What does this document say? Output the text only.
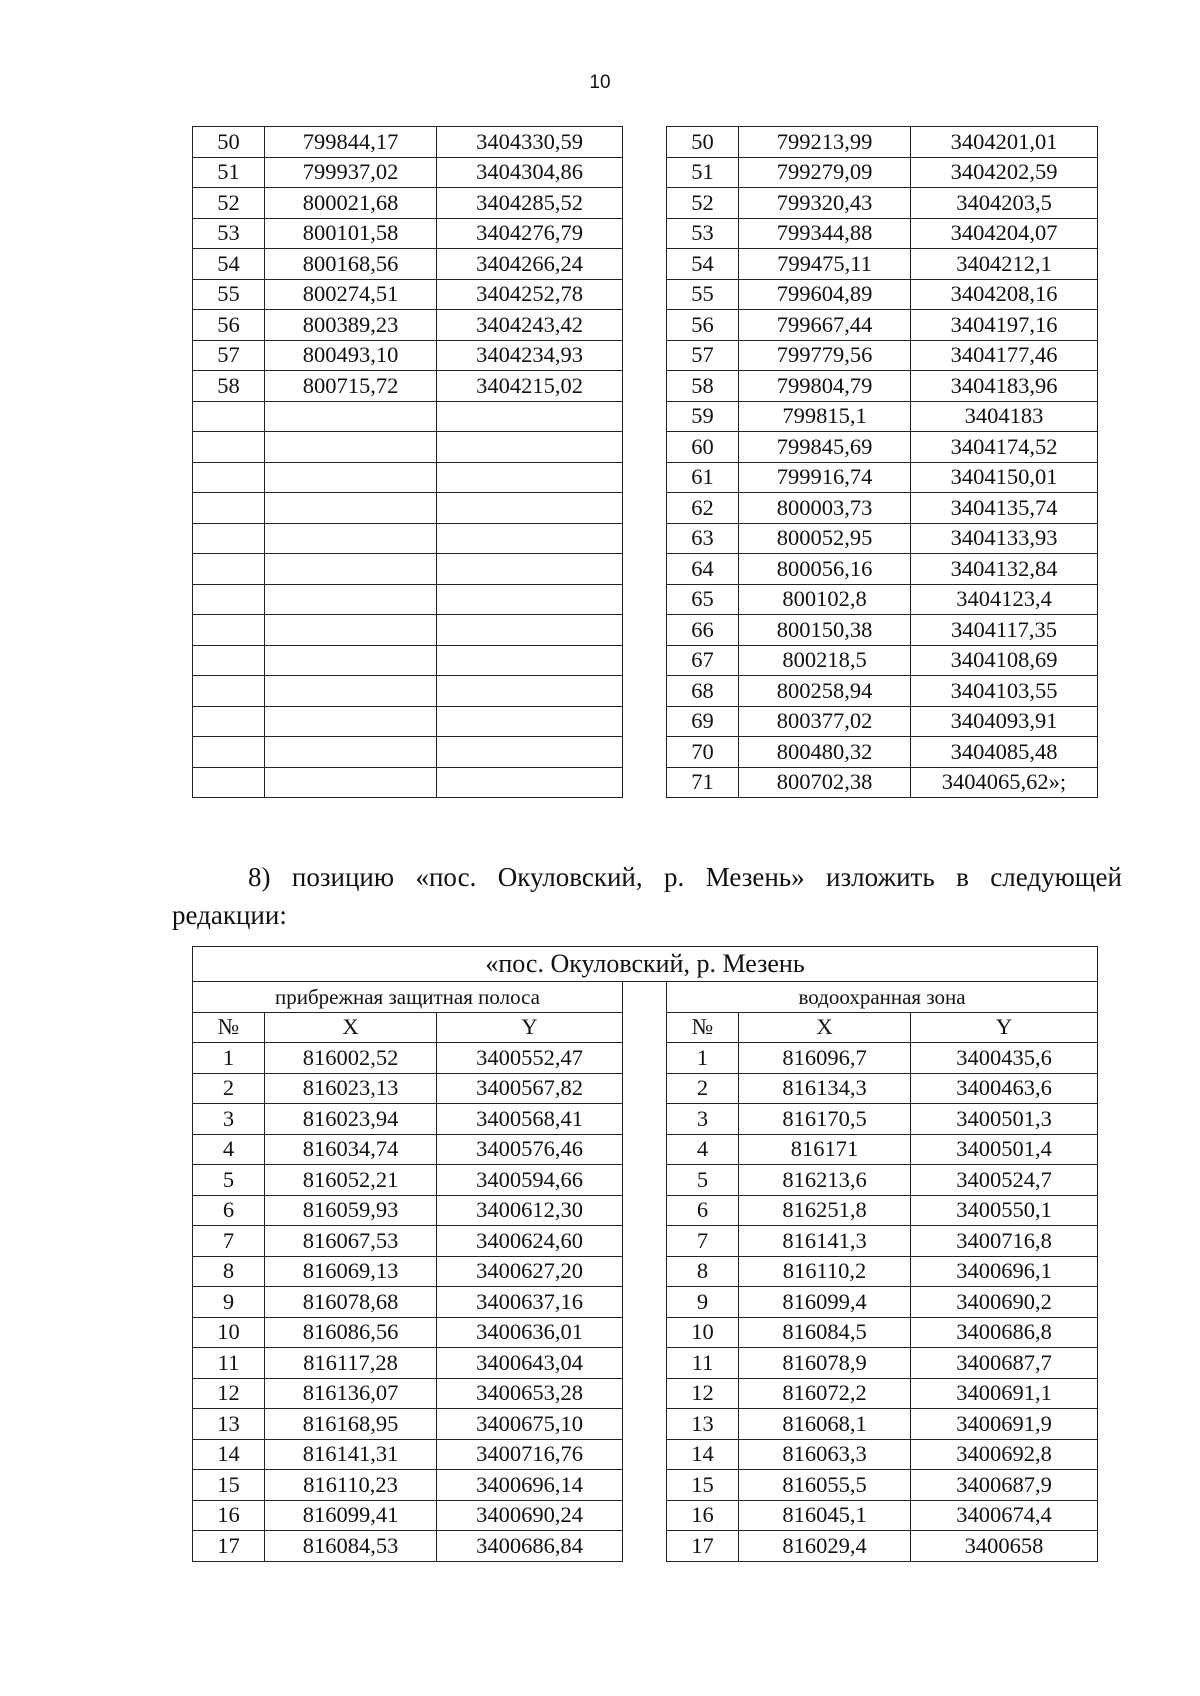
10
50	799844,17	3404330,59		50	799213,99	3404201,01
51	799937,02	3404304,86		51	799279,09	3404202,59
52	800021,68	3404285,52		52	799320,43	3404203,5
53	800101,58	3404276,79		53	799344,88	3404204,07
54	800168,56	3404266,24		54	799475,11	3404212,1
55	800274,51	3404252,78		55	799604,89	3404208,16
56	800389,23	3404243,42		56	799667,44	3404197,16
57	800493,10	3404234,93		57	799779,56	3404177,46
58	800715,72	3404215,02		58	799804,79	3404183,96
				59	799815,1	3404183
				60	799845,69	3404174,52
				61	799916,74	3404150,01
				62	800003,73	3404135,74
				63	800052,95	3404133,93
				64	800056,16	3404132,84
				65	800102,8	3404123,4
				66	800150,38	3404117,35
				67	800218,5	3404108,69
				68	800258,94	3404103,55
				69	800377,02	3404093,91
				70	800480,32	3404085,48
				71	800702,38	3404065,62»;
8) позицию «пос. Окуловский, р. Мезень» изложить в следующей
редакции:
«пос. Окуловский, р. Мезень						
прибрежная защитная полоса				водоохранная зона		
№	X	Y		№	X	Y
1	816002,52	3400552,47		1	816096,7	3400435,6
2	816023,13	3400567,82		2	816134,3	3400463,6
3	816023,94	3400568,41		3	816170,5	3400501,3
4	816034,74	3400576,46		4	816171	3400501,4
5	816052,21	3400594,66		5	816213,6	3400524,7
6	816059,93	3400612,30		6	816251,8	3400550,1
7	816067,53	3400624,60		7	816141,3	3400716,8
8	816069,13	3400627,20		8	816110,2	3400696,1
9	816078,68	3400637,16		9	816099,4	3400690,2
10	816086,56	3400636,01		10	816084,5	3400686,8
11	816117,28	3400643,04		11	816078,9	3400687,7
12	816136,07	3400653,28		12	816072,2	3400691,1
13	816168,95	3400675,10		13	816068,1	3400691,9
14	816141,31	3400716,76		14	816063,3	3400692,8
15	816110,23	3400696,14		15	816055,5	3400687,9
16	816099,41	3400690,24		16	816045,1	3400674,4
17	816084,53	3400686,84		17	816029,4	3400658
